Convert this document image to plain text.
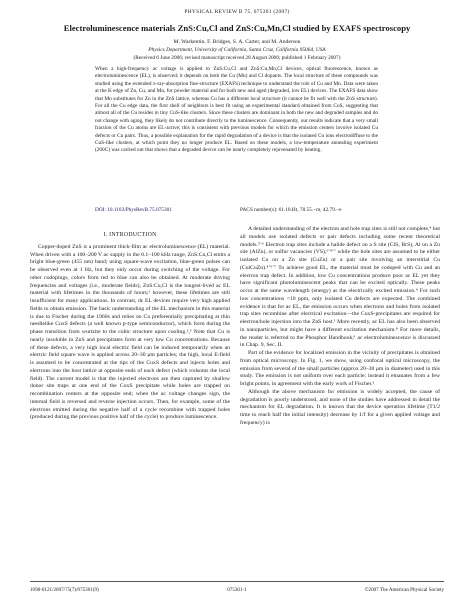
PHYSICAL REVIEW B 75, 075301 (2007)
Electroluminescence materials ZnS:Cu,Cl and ZnS:Cu,Mn,Cl studied by EXAFS spectroscopy
M. Warkentin, F. Bridges, S. A. Carter, and M. Anderson
Physics Department, University of California, Santa Cruz, California 95064, USA
(Received 6 June 2006; revised manuscript received 28 August 2006; published 1 February 2007)
When a high-frequency ac voltage is applied to ZnS:Cu,Cl and ZnS:Cu,Mn,Cl devices, optical fluorescence, known as electroluminescence (EL), is observed; it depends on both the Cu (Mn) and Cl dopants. The local structure of these compounds was studied using the extended x-ray-absorption fine-structure (EXAFS) technique to understand the role of Cu and Mn. Data were taken at the K edge of Zn, Cu, and Mn, for powder material and for both new and aged (degraded, low EL) devices. The EXAFS data show that Mn substitutes for Zn in the ZnS lattice, whereas Cu has a different local structure (it cannot be fit well with the ZnS structure). For all the Cu edge data, the first shell of neighbors is best fit using an experimental standard obtained from CuS, suggesting that almost all of the Cu resides in tiny CuS-like clusters. Since these clusters are dominant in both the new and degraded samples and do not change with aging, they likely do not contribute directly to the luminescence. Consequently, our results indicate that a very small fraction of the Cu atoms are EL-active; this is consistent with previous models for which the emission centers involve isolated Cu defects or Cu pairs. Thus, a possible explanation for the rapid degradation of a device is that the isolated Cu ions electrodiffuse to the CuS-like clusters, at which point they no longer produce EL. Based on these models, a low-temperature annealing experiment (200C) was carried out that shows that a degraded device can be nearly completely rejuvenated by heating.
DOI: 10.1103/PhysRevB.75.075301	PACS number(s): 61.10.Ht, 78.55.−m, 42.79.−e
I. INTRODUCTION

Copper-doped ZnS is a prominent thick-film ac electroluminescence (EL) material. When driven with a 100–200 V ac supply in the 0.1–100 kHz range, ZnS:Cu,Cl emits a bright blue-green (455 nm) band; using square-wave excitation, blue-green pulses can be observed even at 1 Hz, but they only occur during switching of the voltage. For other codopings, colors from red to blue can also be obtained. At moderate driving frequencies and voltages (i.e., moderate fields), ZnS:Cu,Cl is the longest-lived ac EL material with lifetimes in the thousands of hours;¹ however, these lifetimes are still insufficient for many applications. In contrast, dc EL devices require very high applied fields to obtain emission. The basic understanding of the EL mechanism in this material is due to Fischer during the 1960s and relies on Cu preferentially precipitating at thin needlelike CuxS defects (a well known p-type semiconductor), which form during the phase transition from wurtzite to the cubic structure upon cooling.²,³ Note that Cu is nearly insoluble in ZnS and precipitates form at very low Cu concentrations. Because of these defects, a very high local electric field can be induced temporarily when an electric field square wave is applied across 20–30 μm particles; the high, local E-field is assumed to be concentrated at the tips of the CuxS defects and injects holes and electrons into the host lattice at opposite ends of each defect (which rodsoms the local field). The current model is that the injected electrons are then captured by shallow donor site traps at one end of the CuxS precipitate while holes are trapped on recombination centers at the opposite end; when the ac voltage changes sign, the internal field is reversed and reverse injection occurs. Then, for example, some of the electrons emitted during the negative half of a cycle recombine with trapped holes (produced during the previous positive half of the cycle) to produce luminescence.

A detailed understanding of the electron and hole trap sites is still not complete,⁴ but all models use isolated defects or pair defects including some recent theoretical models.⁵ʼ⁶ Electron trap sites include a halide defect on a S site (ClS, BrS), Al on a Zn site (AlZn), or sulfur vacancies (VS),¹ʼ⁴ʼ⁷ while the hole sites are assumed to be either isolated Cu on a Zn site (CuZn) or a pair site involving an interstitial Cu (CuiCuZn).⁴ʼ⁵ʼ⁷ To achieve good EL, the material must be codoped with Cu and an electron trap defect. In addition, low Cu concentrations produce poor ac EL yet they have significant photoluminescent peaks that can be excited optically. These peaks occur at the same wavelength (energy) as the electrically excited emission.⁴ For such low concentrations <10 ppm, only isolated Cu defects are expected. The combined evidence is that for ac EL, the emission occurs when electrons and holes from isolated trap sites recombine after electrical excitation—the CuxS-precipitates are required for electron/hole injection into the ZnS host.¹ More recently, ac EL has also been observed in nanoparticles, but might have a different excitation mechanism.⁸ For more details, the reader is referred to the Phosphor Handbook;¹ ac electroluminescence is discussed in Chap. 9, Sec. II.

Part of the evidence for localized emission in the vicinity of precipitates is obtained from optical microscopy. In Fig. 1, we show, using confocal optical microscopy, the emission from several of the small particles (approx 20–30 μm in diameter) used in this study. The emission is not uniform over each particle; instead it emanates from a few bright points, in agreement with the early work of Fischer.²

Although the above mechanism for emission is widely accepted, the cause of degradation is poorly understood, and none of the studies have addressed in detail the mechanism for EL degradation. It is known that the device operation lifetime (T1/2 time to reach half the initial intensity) decrease by 1/f for a given applied voltage and frequency) is

1098-0121/2007/75(7)/075301(9)	075301-1	©2007 The American Physical Society
